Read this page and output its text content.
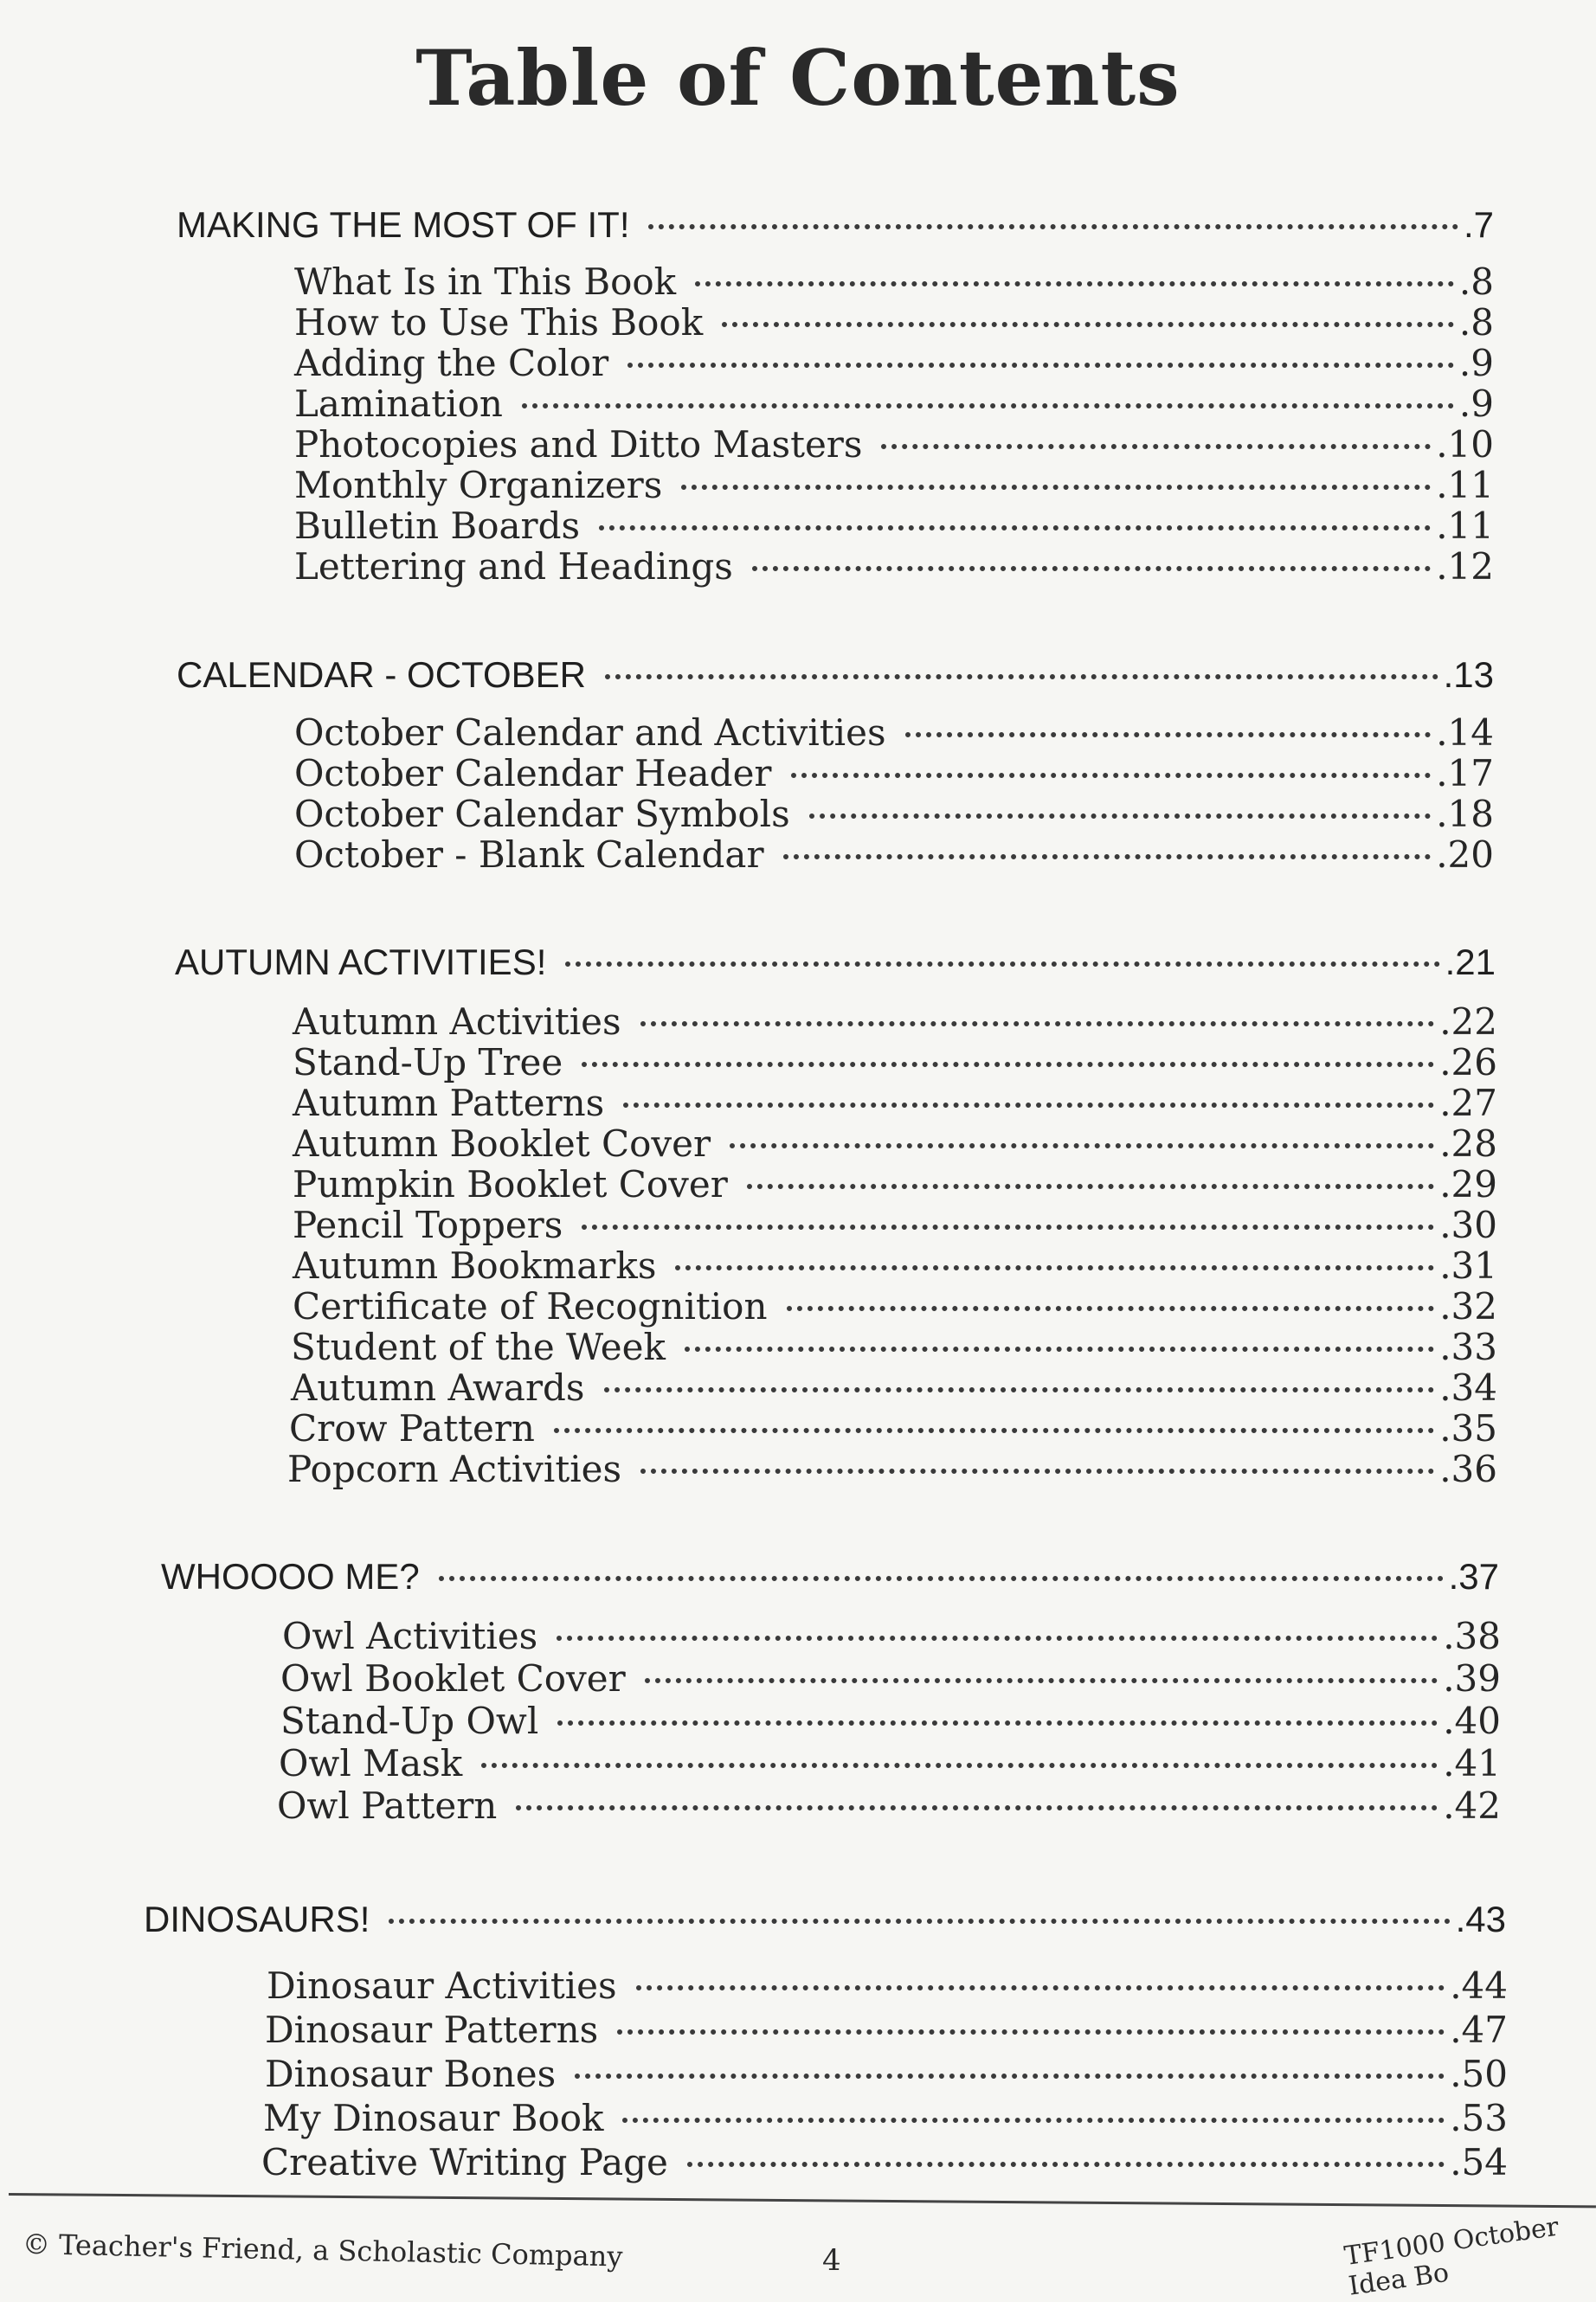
Table of Contents
MAKING THE MOST OF IT!	.7
What Is in This Book	.8
How to Use This Book	.8
Adding the Color	.9
Lamination	.9
Photocopies and Ditto Masters	.10
Monthly Organizers	.11
Bulletin Boards	.11
Lettering and Headings	.12
CALENDAR - OCTOBER	.13
October Calendar and Activities	.14
October Calendar Header	.17
October Calendar Symbols	.18
October - Blank Calendar	.20
AUTUMN ACTIVITIES!	.21
Autumn Activities	.22
Stand-Up Tree	.26
Autumn Patterns	.27
Autumn Booklet Cover	.28
Pumpkin Booklet Cover	.29
Pencil Toppers	.30
Autumn Bookmarks	.31
Certificate of Recognition	.32
Student of the Week	.33
Autumn Awards	.34
Crow Pattern	.35
Popcorn Activities	.36
WHOOOO ME?	.37
Owl Activities	.38
Owl Booklet Cover	.39
Stand-Up Owl	.40
Owl Mask	.41
Owl Pattern	.42
DINOSAURS!	.43
Dinosaur Activities	.44
Dinosaur Patterns	.47
Dinosaur Bones	.50
My Dinosaur Book	.53
Creative Writing Page	.54
© Teacher's Friend, a Scholastic Company	4	TF1000 October Idea Bo
